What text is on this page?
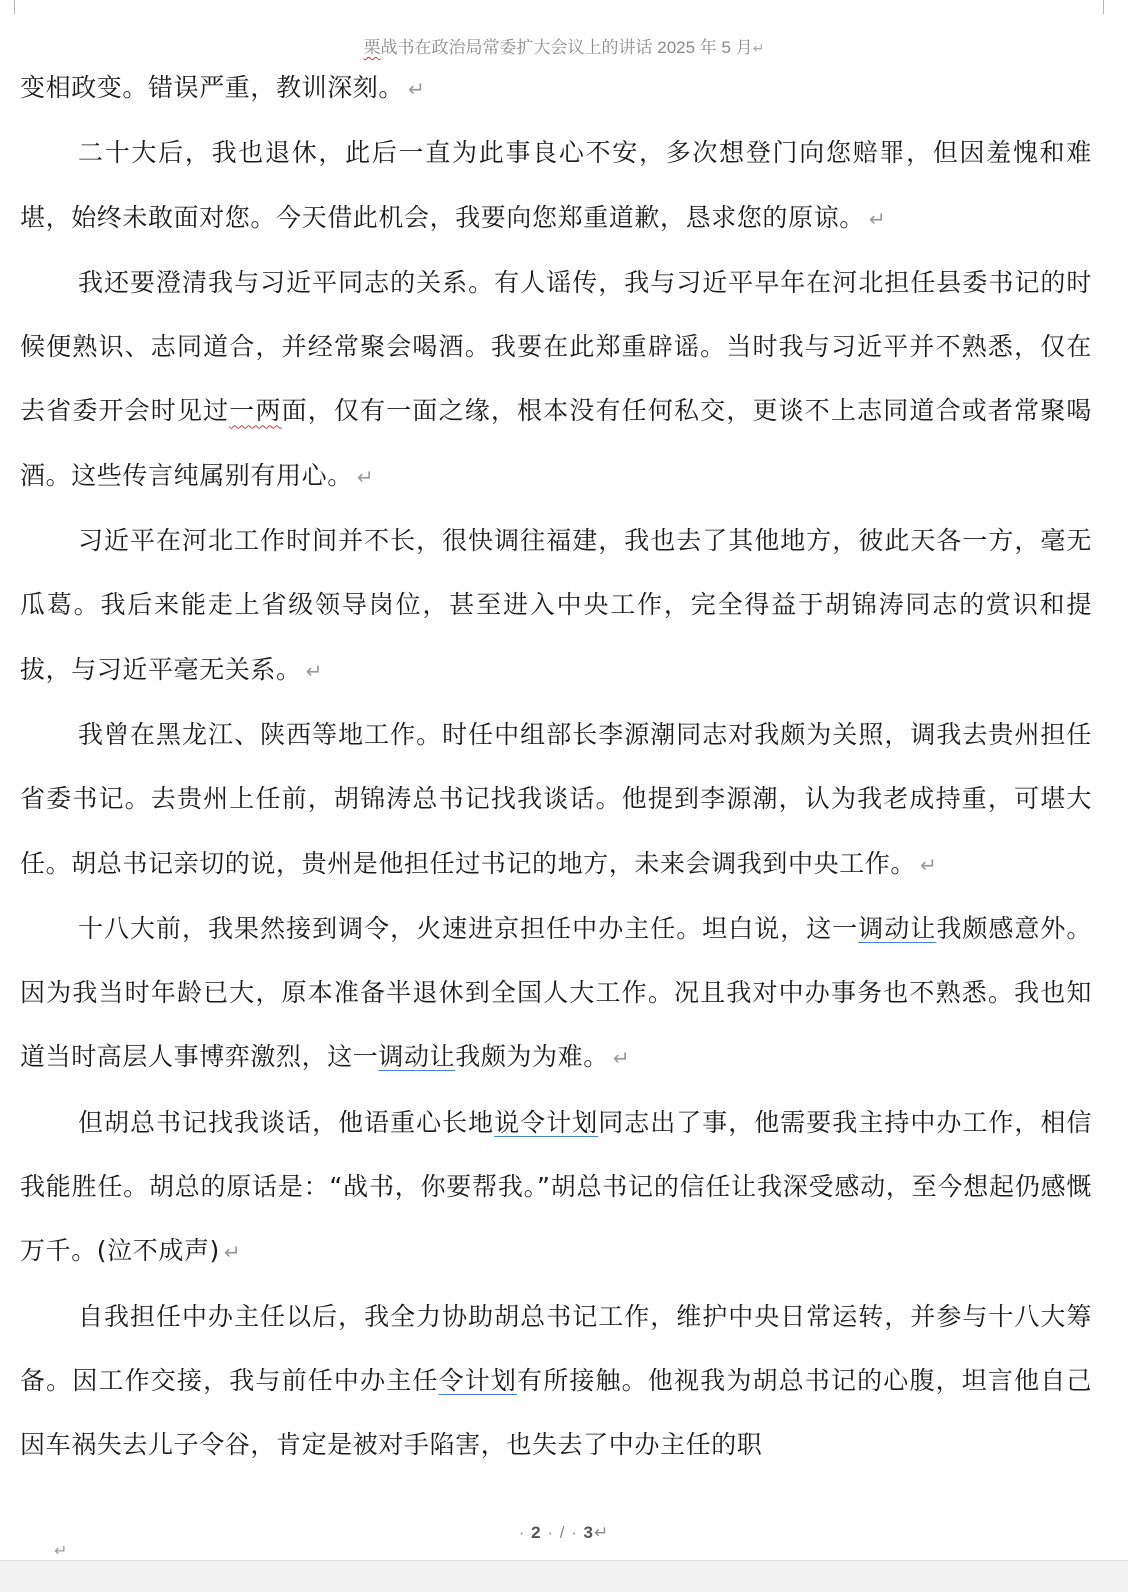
栗战书在政治局常委扩大会议上的讲话 2025 年 5 月↵

变相政变。错误严重，教训深刻。 ↵

二十大后，我也退休，此后一直为此事良心不安，多次想登门向您赔罪，但因羞愧和难堪，始终未敢面对您。今天借此机会，我要向您郑重道歉，恳求您的原谅。 ↵

我还要澄清我与习近平同志的关系。有人谣传，我与习近平早年在河北担任县委书记的时候便熟识、志同道合，并经常聚会喝酒。我要在此郑重辟谣。当时我与习近平并不熟悉，仅在去省委开会时见过一两面，仅有一面之缘，根本没有任何私交，更谈不上志同道合或者常聚喝酒。这些传言纯属别有用心。 ↵

习近平在河北工作时间并不长，很快调往福建，我也去了其他地方，彼此天各一方，毫无瓜葛。我后来能走上省级领导岗位，甚至进入中央工作，完全得益于胡锦涛同志的赏识和提拔，与习近平毫无关系。 ↵

我曾在黑龙江、陕西等地工作。时任中组部长李源潮同志对我颇为关照，调我去贵州担任省委书记。去贵州上任前，胡锦涛总书记找我谈话。他提到李源潮，认为我老成持重，可堪大任。胡总书记亲切的说，贵州是他担任过书记的地方，未来会调我到中央工作。 ↵

十八大前，我果然接到调令，火速进京担任中办主任。坦白说，这一调动让我颇感意外。因为我当时年龄已大，原本准备半退休到全国人大工作。况且我对中办事务也不熟悉。我也知道当时高层人事博弈激烈，这一调动让我颇为为难。 ↵

但胡总书记找我谈话，他语重心长地说令计划同志出了事，他需要我主持中办工作，相信我能胜任。胡总的原话是：“战书，你要帮我。”胡总书记的信任让我深受感动，至今想起仍感慨万千。(泣不成声) ↵

自我担任中办主任以后，我全力协助胡总书记工作，维护中央日常运转，并参与十八大筹备。因工作交接，我与前任中办主任令计划有所接触。他视我为胡总书记的心腹，坦言他自己因车祸失去儿子令谷，肯定是被对手陷害，也失去了中办主任的职

· 2 · / · 3↵
↵
